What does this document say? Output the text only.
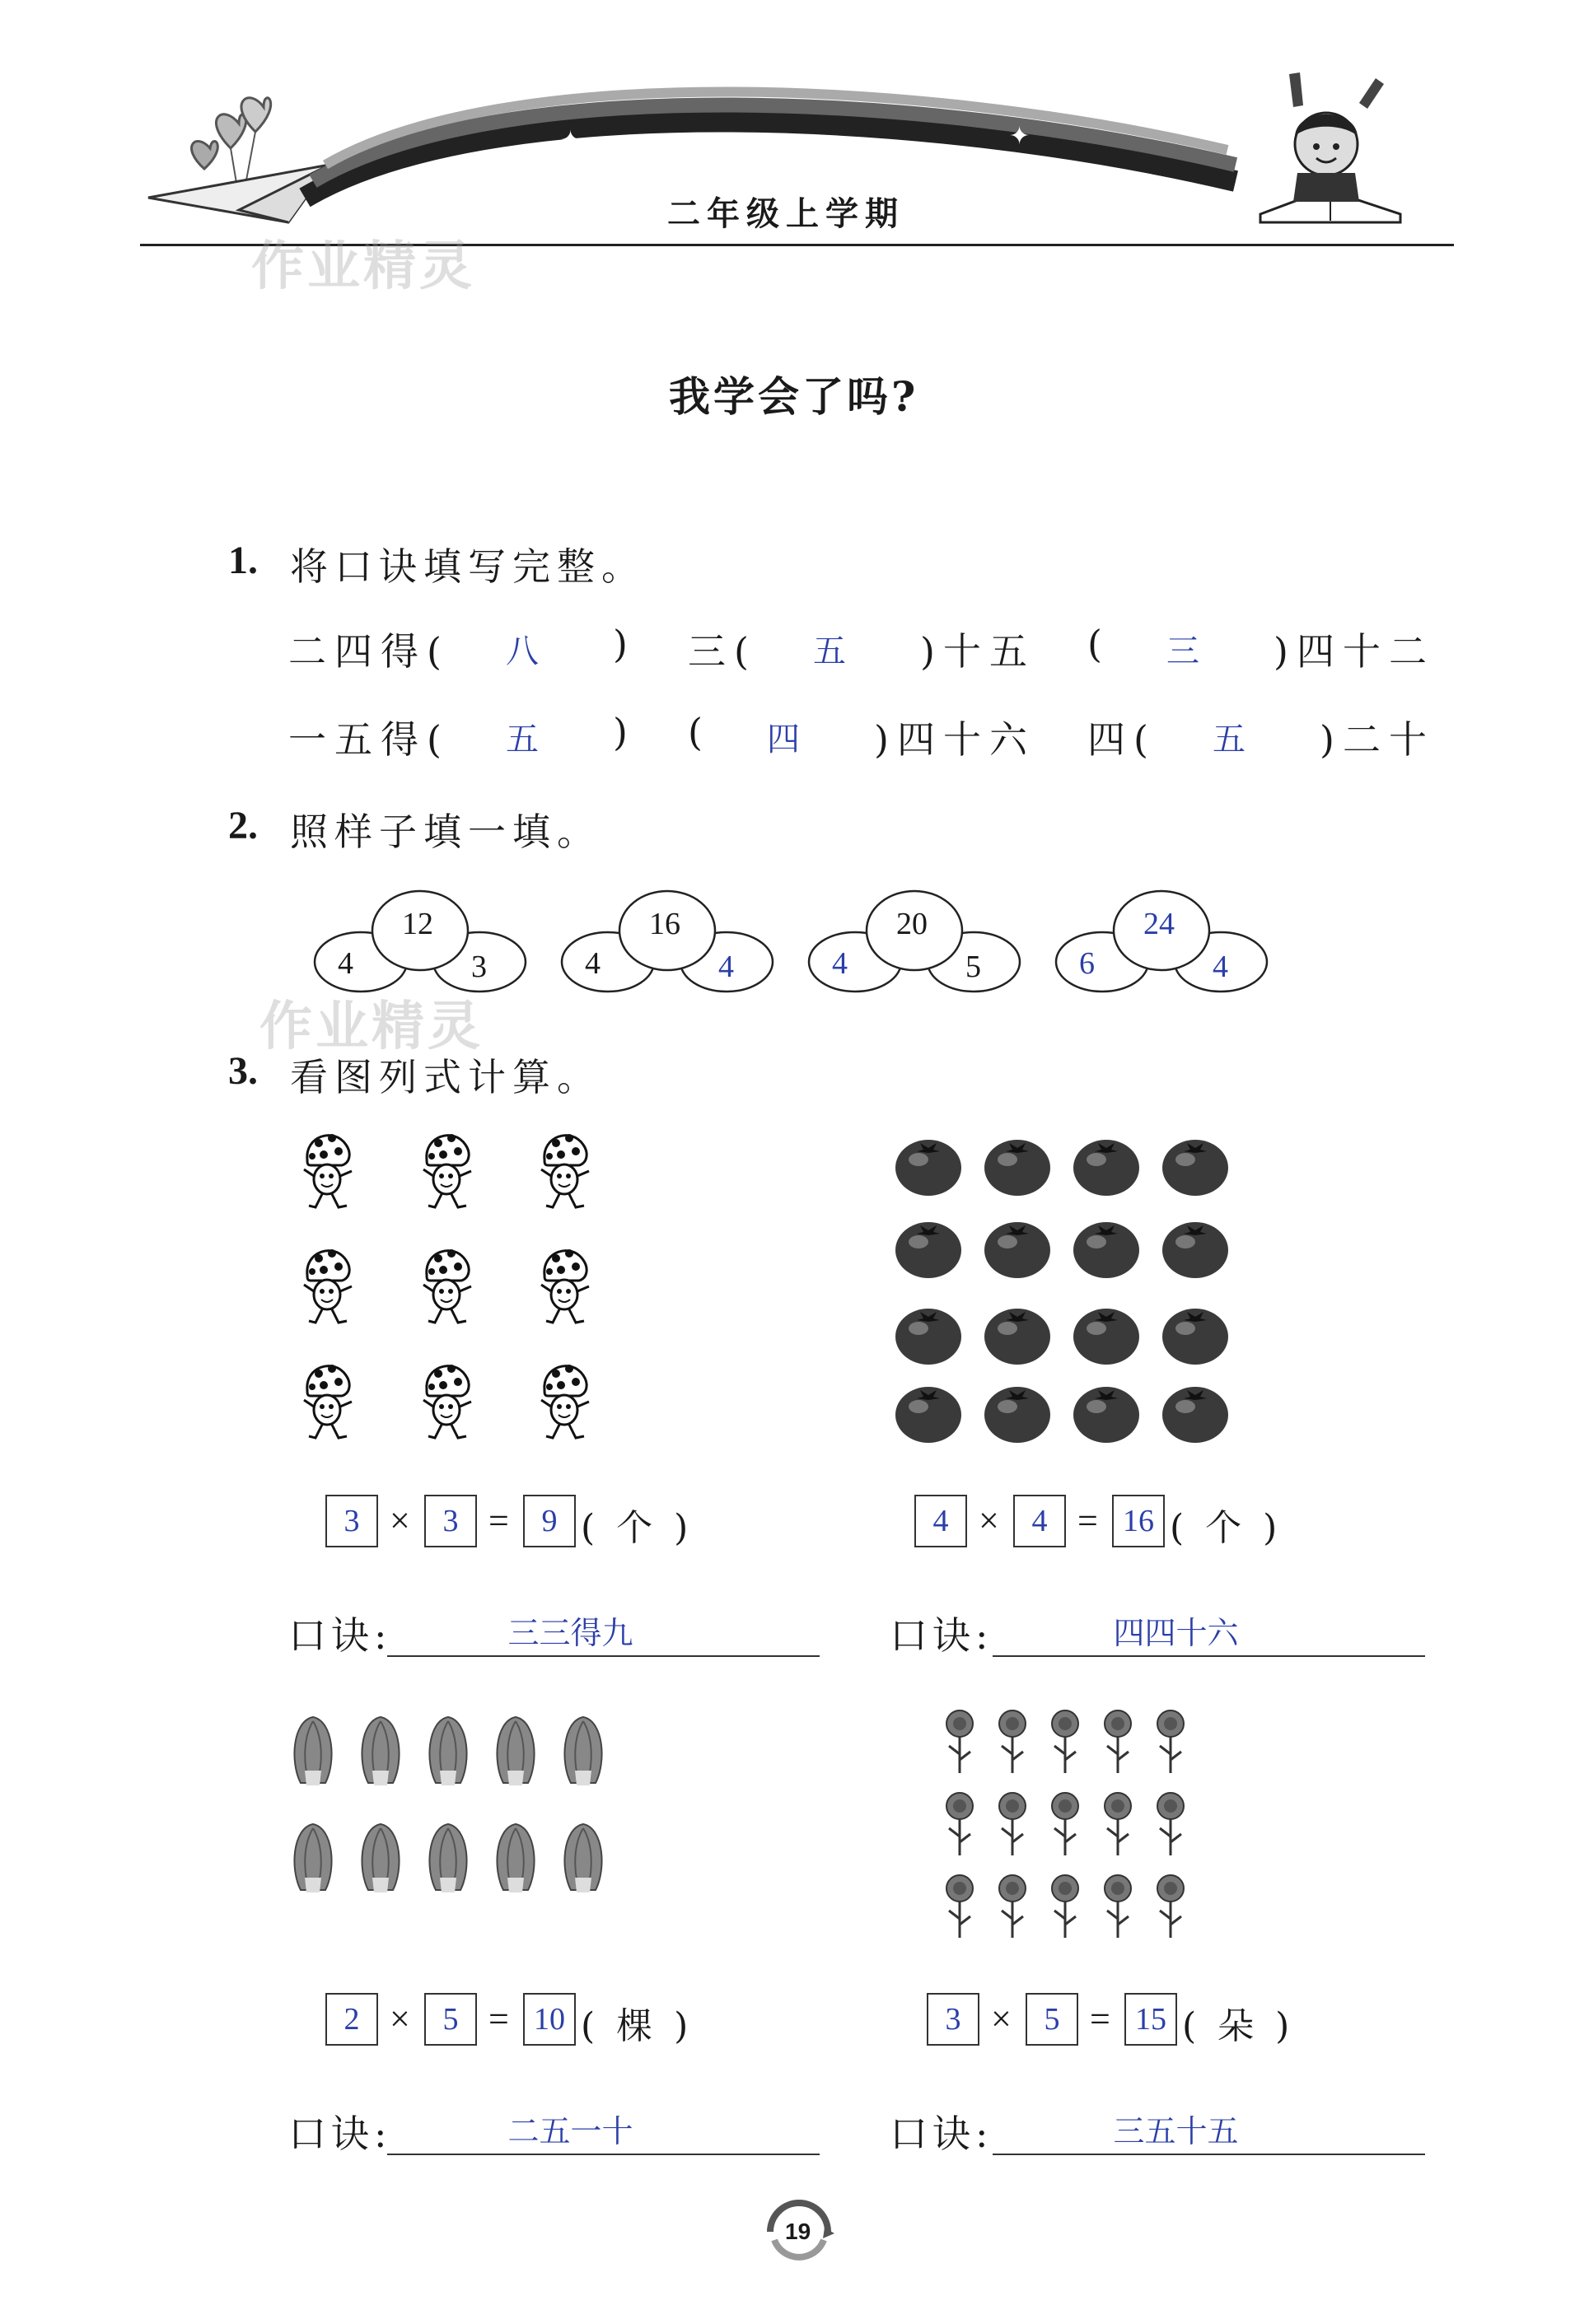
✦	✦
✦
二年级上学期
作业精灵
作业精灵
我学会了吗?
1. 将口诀填写完整。
二四得( 八 ) 三( 五 )十五 ( 三 )四十二
一五得( 五 ) ( 四 )四十六 四( 五 )二十
2. 照样子填一填。
12
4	3
16
4	4
20
4	5
24
6	4
3. 看图列式计算。
3 × 3 = 9 ( 个 )
口诀:	三三得九
4 × 4 = 16 ( 个 )
口诀:	四四十六
2 × 5 = 10 ( 棵 )
口诀:	二五一十
3 × 5 = 15 ( 朵 )
口诀:	三五十五
19
